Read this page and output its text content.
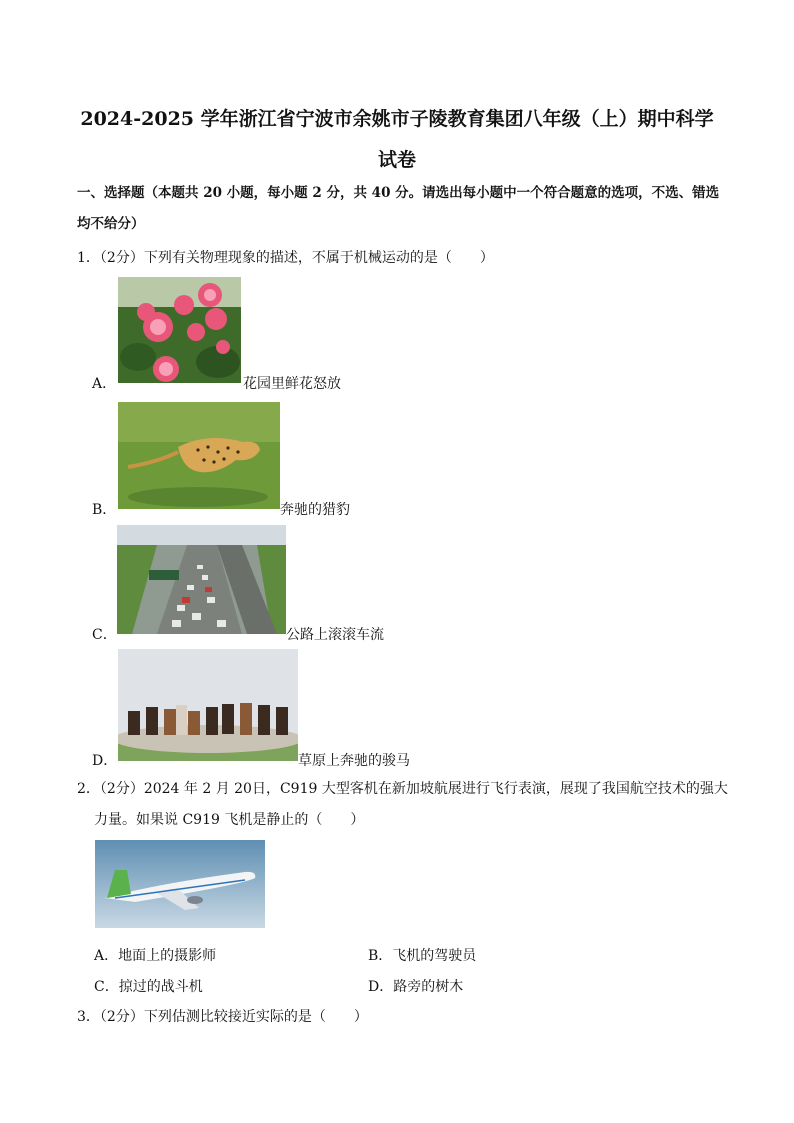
2024-2025 学年浙江省宁波市余姚市子陵教育集团八年级（上）期中科学
试卷
一、选择题（本题共 20 小题，每小题 2 分，共 40 分。请选出每小题中一个符合题意的选项，不选、错选
均不给分）
1．（2分）下列有关物理现象的描述，不属于机械运动的是（　　）
A．	花园里鲜花怒放
B．	奔驰的猎豹
C．	公路上滚滚车流
D．	草原上奔驰的骏马
2．（2分）2024 年 2 月 20日，C919 大型客机在新加坡航展进行飞行表演，展现了我国航空技术的强大
力量。如果说 C919 飞机是静止的（　　）
A．地面上的摄影师	B．飞机的驾驶员
C．掠过的战斗机	D．路旁的树木
3．（2分）下列估测比较接近实际的是（　　）
